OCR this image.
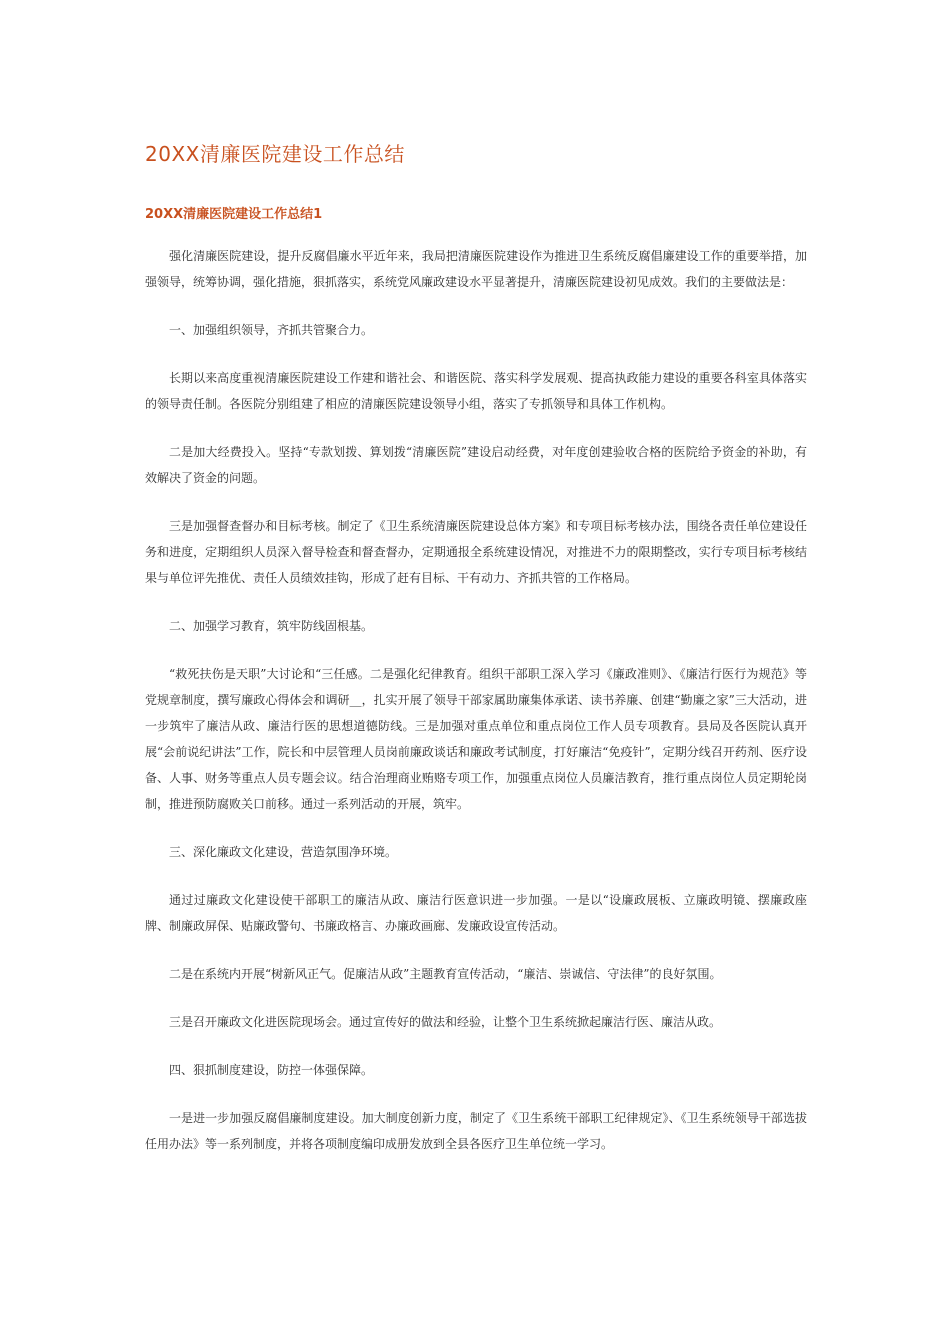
20XX清廉医院建设工作总结
20XX清廉医院建设工作总结1

强化清廉医院建设，提升反腐倡廉水平近年来，我局把清廉医院建设作为推进卫生系统反腐倡廉建设工作的重要举措，加强领导，统筹协调，强化措施，狠抓落实，系统党风廉政建设水平显著提升，清廉医院建设初见成效。我们的主要做法是：

一、加强组织领导，齐抓共管聚合力。

长期以来高度重视清廉医院建设工作建和谐社会、和谐医院、落实科学发展观、提高执政能力建设的重要各科室具体落实的领导责任制。各医院分别组建了相应的清廉医院建设领导小组，落实了专抓领导和具体工作机构。

二是加大经费投入。坚持“专款划拨、算划拨“清廉医院”建设启动经费，对年度创建验收合格的医院给予资金的补助，有效解决了资金的问题。

三是加强督查督办和目标考核。制定了《卫生系统清廉医院建设总体方案》和专项目标考核办法，围绕各责任单位建设任务和进度，定期组织人员深入督导检查和督查督办，定期通报全系统建设情况，对推进不力的限期整改，实行专项目标考核结果与单位评先推优、责任人员绩效挂钩，形成了赶有目标、干有动力、齐抓共管的工作格局。

二、加强学习教育，筑牢防线固根基。

“救死扶伤是天职”大讨论和“三任感。二是强化纪律教育。组织干部职工深入学习《廉政准则》、《廉洁行医行为规范》等党规章制度，撰写廉政心得体会和调研__，扎实开展了领导干部家属助廉集体承诺、读书养廉、创建“勤廉之家”三大活动，进一步筑牢了廉洁从政、廉洁行医的思想道德防线。三是加强对重点单位和重点岗位工作人员专项教育。县局及各医院认真开展“会前说纪讲法”工作，院长和中层管理人员岗前廉政谈话和廉政考试制度，打好廉洁“免疫针”，定期分线召开药剂、医疗设备、人事、财务等重点人员专题会议。结合治理商业贿赂专项工作，加强重点岗位人员廉洁教育，推行重点岗位人员定期轮岗制，推进预防腐败关口前移。通过一系列活动的开展，筑牢。

三、深化廉政文化建设，营造氛围净环境。

通过过廉政文化建设使干部职工的廉洁从政、廉洁行医意识进一步加强。一是以“设廉政展板、立廉政明镜、摆廉政座牌、制廉政屏保、贴廉政警句、书廉政格言、办廉政画廊、发廉政设宣传活动。

二是在系统内开展“树新风正气。促廉洁从政”主题教育宣传活动，“廉洁、崇诚信、守法律”的良好氛围。

三是召开廉政文化进医院现场会。通过宣传好的做法和经验，让整个卫生系统掀起廉洁行医、廉洁从政。

四、狠抓制度建设，防控一体强保障。

一是进一步加强反腐倡廉制度建设。加大制度创新力度，制定了《卫生系统干部职工纪律规定》、《卫生系统领导干部选拔任用办法》等一系列制度，并将各项制度编印成册发放到全县各医疗卫生单位统一学习。
